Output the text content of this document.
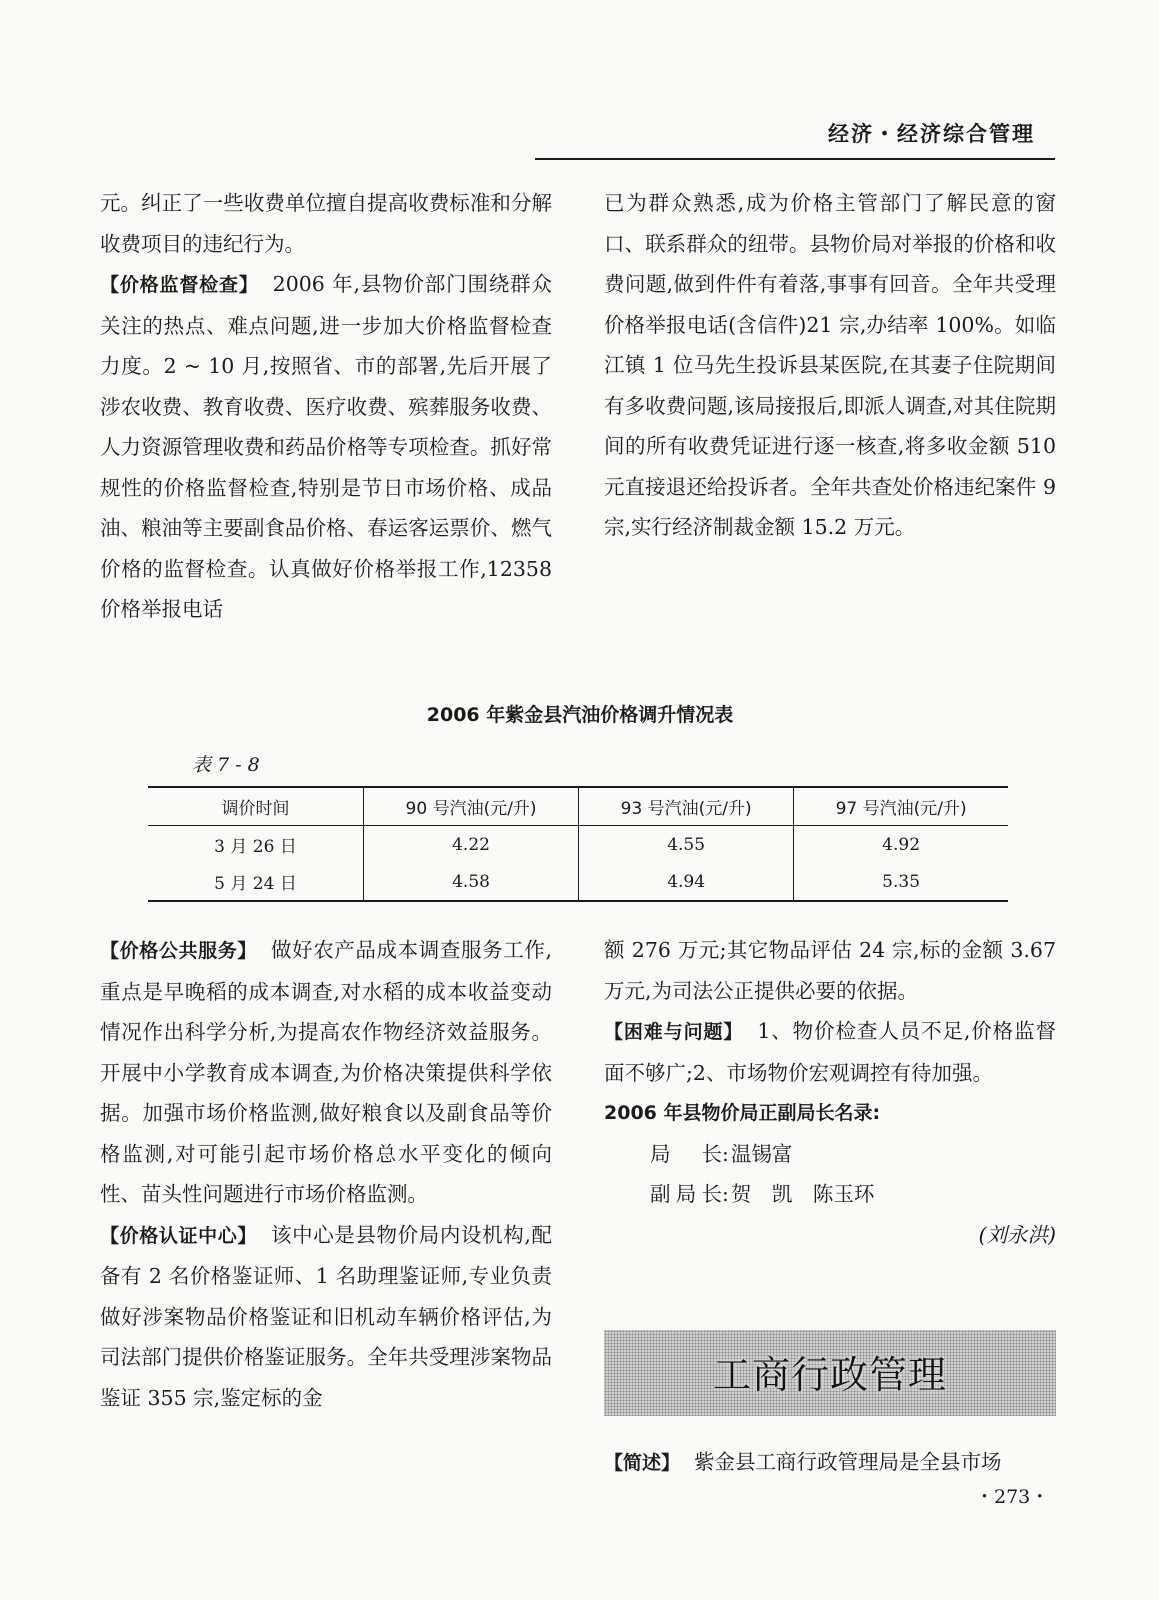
经济・经济综合管理

元。纠正了一些收费单位擅自提高收费标准和分解收费项目的违纪行为。

【价格监督检查】 2006 年,县物价部门围绕群众关注的热点、难点问题,进一步加大价格监督检查力度。2 ~ 10 月,按照省、市的部署,先后开展了涉农收费、教育收费、医疗收费、殡葬服务收费、人力资源管理收费和药品价格等专项检查。抓好常规性的价格监督检查,特别是节日市场价格、成品油、粮油等主要副食品价格、春运客运票价、燃气价格的监督检查。认真做好价格举报工作,12358 价格举报电话

已为群众熟悉,成为价格主管部门了解民意的窗口、联系群众的纽带。县物价局对举报的价格和收费问题,做到件件有着落,事事有回音。全年共受理价格举报电话(含信件)21 宗,办结率 100%。如临江镇 1 位马先生投诉县某医院,在其妻子住院期间有多收费问题,该局接报后,即派人调查,对其住院期间的所有收费凭证进行逐一核查,将多收金额 510 元直接退还给投诉者。全年共查处价格违纪案件 9 宗,实行经济制裁金额 15.2 万元。

2006 年紫金县汽油价格调升情况表
表 7 - 8
调价时间	90 号汽油(元/升)	93 号汽油(元/升)	97 号汽油(元/升)
3 月 26 日	4.22	4.55	4.92
5 月 24 日	4.58	4.94	5.35

【价格公共服务】 做好农产品成本调查服务工作,重点是早晚稻的成本调查,对水稻的成本收益变动情况作出科学分析,为提高农作物经济效益服务。开展中小学教育成本调查,为价格决策提供科学依据。加强市场价格监测,做好粮食以及副食品等价格监测,对可能引起市场价格总水平变化的倾向性、苗头性问题进行市场价格监测。

【价格认证中心】 该中心是县物价局内设机构,配备有 2 名价格鉴证师、1 名助理鉴证师,专业负责做好涉案物品价格鉴证和旧机动车辆价格评估,为司法部门提供价格鉴证服务。全年共受理涉案物品鉴证 355 宗,鉴定标的金

额 276 万元;其它物品评估 24 宗,标的金额 3.67万元,为司法公正提供必要的依据。

【困难与问题】 1、物价检查人员不足,价格监督面不够广;2、市场物价宏观调控有待加强。

2006 年县物价局正副局长名录:

局长:温锡富

副局长:贺　凯　陈玉环

(刘永洪)

工商行政管理
【简述】 紫金县工商行政管理局是全县市场
・273・
